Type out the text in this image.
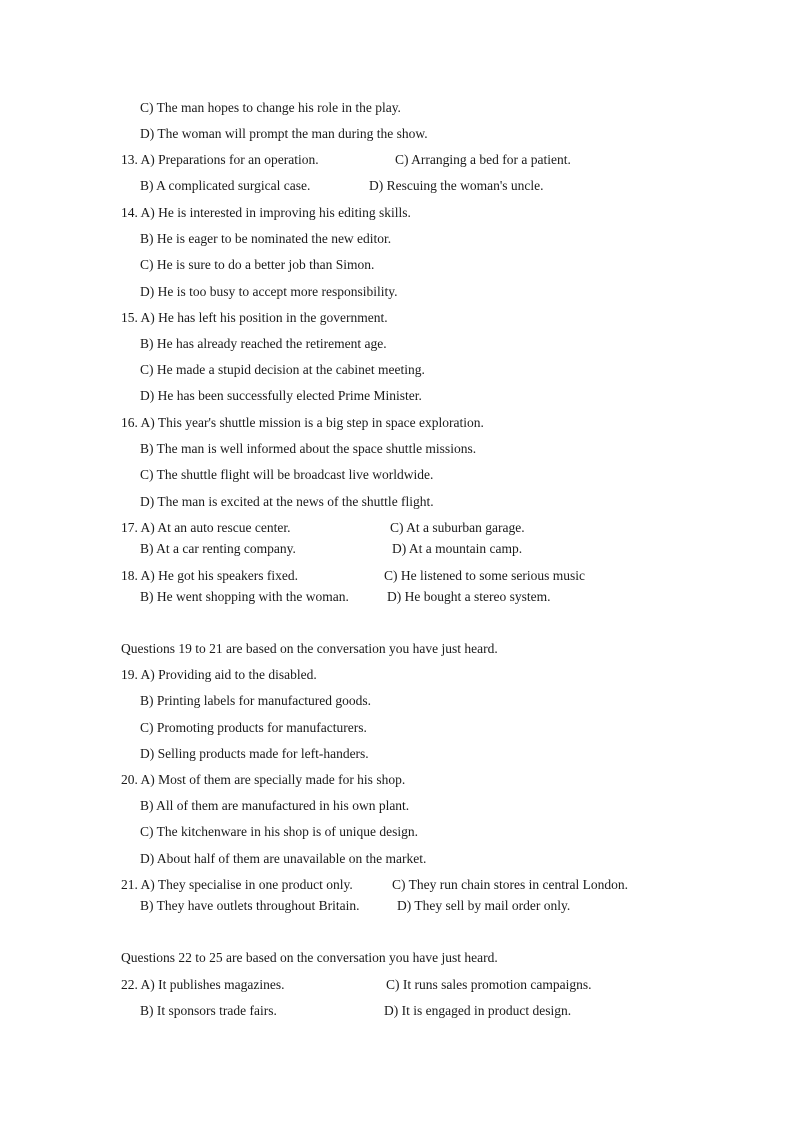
C) The man hopes to change his role in the play.
D) The woman will prompt the man during the show.
13. A) Preparations for an operation.	C) Arranging a bed for a patient.
B) A complicated surgical case.	D) Rescuing the woman's uncle.
14. A) He is interested in improving his editing skills.
B) He is eager to be nominated the new editor.
C) He is sure to do a better job than Simon.
D) He is too busy to accept more responsibility.
15. A) He has left his position in the government.
B) He has already reached the retirement age.
C) He made a stupid decision at the cabinet meeting.
D) He has been successfully elected Prime Minister.
16. A) This year's shuttle mission is a big step in space exploration.
B) The man is well informed about the space shuttle missions.
C) The shuttle flight will be broadcast live worldwide.
D) The man is excited at the news of the shuttle flight.
17. A) At an auto rescue center.	C) At a suburban garage.
B) At a car renting company.	D) At a mountain camp.
18. A) He got his speakers fixed.	C) He listened to some serious music
B) He went shopping with the woman.	D) He bought a stereo system.
Questions 19 to 21 are based on the conversation you have just heard.
19. A) Providing aid to the disabled.
B) Printing labels for manufactured goods.
C) Promoting products for manufacturers.
D) Selling products made for left-handers.
20. A) Most of them are specially made for his shop.
B) All of them are manufactured in his own plant.
C) The kitchenware in his shop is of unique design.
D) About half of them are unavailable on the market.
21. A) They specialise in one product only.	C) They run chain stores in central London.
B) They have outlets throughout Britain.	D) They sell by mail order only.
Questions 22 to 25 are based on the conversation you have just heard.
22. A) It publishes magazines.	C) It runs sales promotion campaigns.
B) It sponsors trade fairs.	D) It is engaged in product design.
